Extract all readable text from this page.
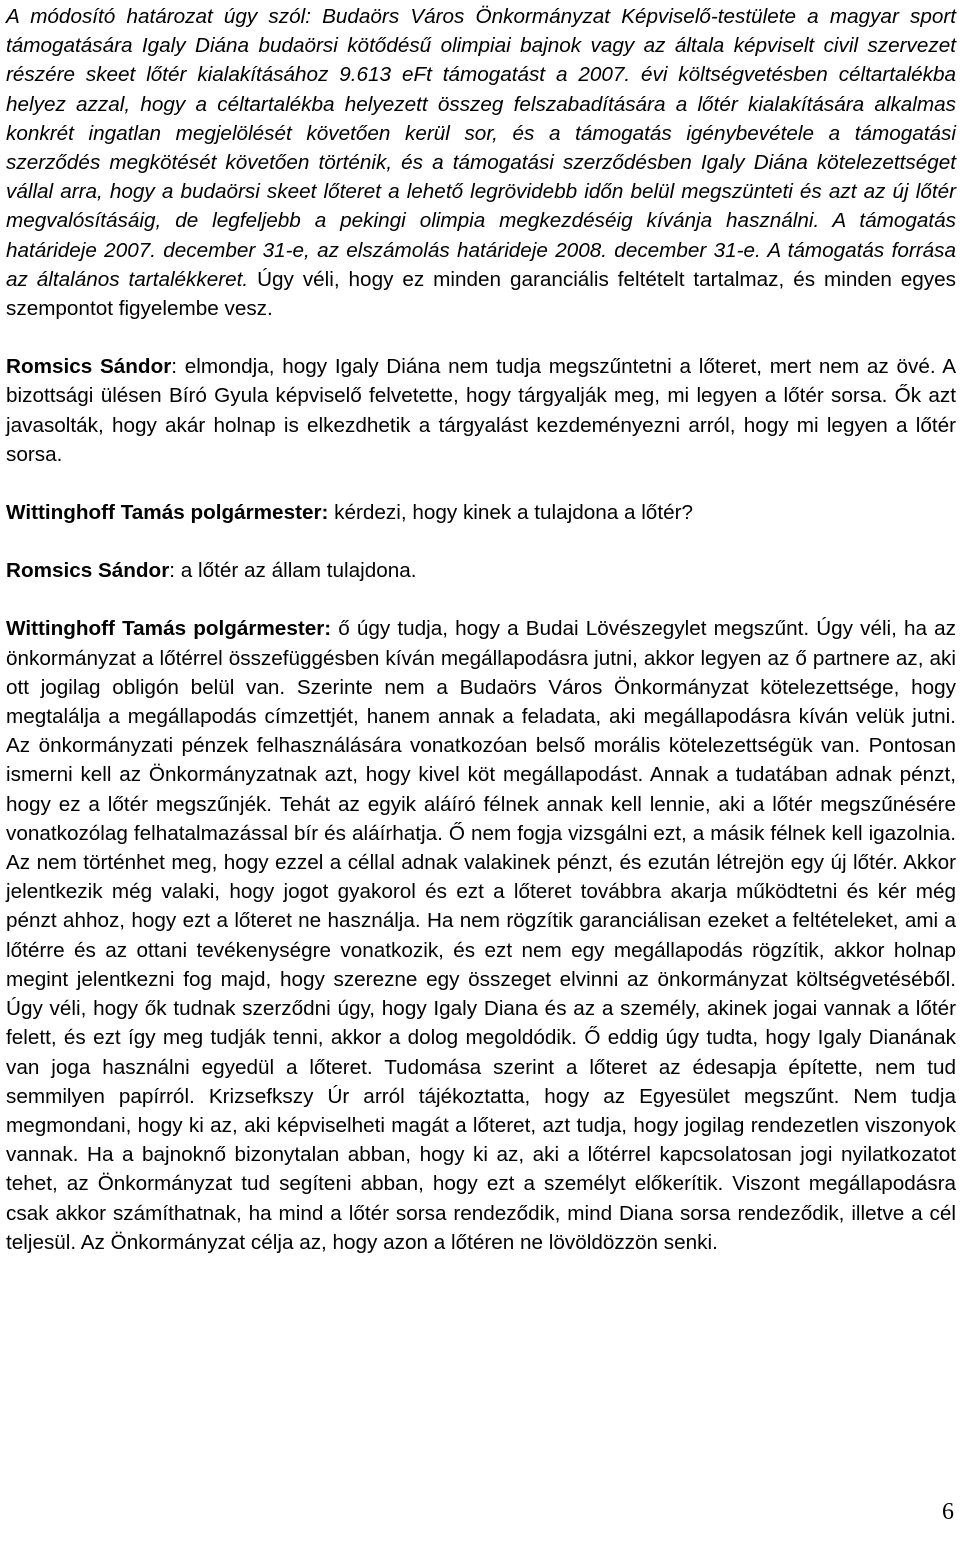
A módosító határozat úgy szól: Budaörs Város Önkormányzat Képviselő-testülete a magyar sport támogatására Igaly Diána budaörsi kötődésű olimpiai bajnok vagy az általa képviselt civil szervezet részére skeet lőtér kialakításához 9.613 eFt támogatást a 2007. évi költségvetésben céltartalékba helyez azzal, hogy a céltartalékba helyezett összeg felszabadítására a lőtér kialakítására alkalmas konkrét ingatlan megjelölését követően kerül sor, és a támogatás igénybevétele a támogatási szerződés megkötését követően történik, és a támogatási szerződésben Igaly Diána kötelezettséget vállal arra, hogy a budaörsi skeet lőteret a lehető legrövidebb időn belül megszünteti és azt az új lőtér megvalósításáig, de legfeljebb a pekingi olimpia megkezdéséig kívánja használni. A támogatás határideje 2007. december 31-e, az elszámolás határideje 2008. december 31-e. A támogatás forrása az általános tartalékkeret. Úgy véli, hogy ez minden garanciális feltételt tartalmaz, és minden egyes szempontot figyelembe vesz.

Romsics Sándor: elmondja, hogy Igaly Diána nem tudja megszűntetni a lőteret, mert nem az övé. A bizottsági ülésen Bíró Gyula képviselő felvetette, hogy tárgyalják meg, mi legyen a lőtér sorsa. Ők azt javasolták, hogy akár holnap is elkezdhetik a tárgyalást kezdeményezni arról, hogy mi legyen a lőtér sorsa.

Wittinghoff Tamás polgármester: kérdezi, hogy kinek a tulajdona a lőtér?

Romsics Sándor: a lőtér az állam tulajdona.

Wittinghoff Tamás polgármester: ő úgy tudja, hogy a Budai Lövészegylet megszűnt. Úgy véli, ha az önkormányzat a lőtérrel összefüggésben kíván megállapodásra jutni, akkor legyen az ő partnere az, aki ott jogilag obligón belül van. Szerinte nem a Budaörs Város Önkormányzat kötelezettsége, hogy megtalálja a megállapodás címzettjét, hanem annak a feladata, aki megállapodásra kíván velük jutni. Az önkormányzati pénzek felhasználására vonatkozóan belső morális kötelezettségük van. Pontosan ismerni kell az Önkormányzatnak azt, hogy kivel köt megállapodást. Annak a tudatában adnak pénzt, hogy ez a lőtér megszűnjék. Tehát az egyik aláíró félnek annak kell lennie, aki a lőtér megszűnésére vonatkozólag felhatalmazással bír és aláírhatja. Ő nem fogja vizsgálni ezt, a másik félnek kell igazolnia. Az nem történhet meg, hogy ezzel a céllal adnak valakinek pénzt, és ezután létrejön egy új lőtér. Akkor jelentkezik még valaki, hogy jogot gyakorol és ezt a lőteret továbbra akarja működtetni és kér még pénzt ahhoz, hogy ezt a lőteret ne használja. Ha nem rögzítik garanciálisan ezeket a feltételeket, ami a lőtérre és az ottani tevékenységre vonatkozik, és ezt nem egy megállapodás rögzítik, akkor holnap megint jelentkezni fog majd, hogy szerezne egy összeget elvinni az önkormányzat költségvetéséből. Úgy véli, hogy ők tudnak szerződni úgy, hogy Igaly Diana és az a személy, akinek jogai vannak a lőtér felett, és ezt így meg tudják tenni, akkor a dolog megoldódik. Ő eddig úgy tudta, hogy Igaly Dianának van joga használni egyedül a lőteret. Tudomása szerint a lőteret az édesapja építette, nem tud semmilyen papírról. Krizsefkszy Úr arról tájékoztatta, hogy az Egyesület megszűnt. Nem tudja megmondani, hogy ki az, aki képviselheti magát a lőteret, azt tudja, hogy jogilag rendezetlen viszonyok vannak. Ha a bajnoknő bizonytalan abban, hogy ki az, aki a lőtérrel kapcsolatosan jogi nyilatkozatot tehet, az Önkormányzat tud segíteni abban, hogy ezt a személyt előkerítik. Viszont megállapodásra csak akkor számíthatnak, ha mind a lőtér sorsa rendeződik, mind Diana sorsa rendeződik, illetve a cél teljesül. Az Önkormányzat célja az, hogy azon a lőtéren ne lövöldözzön senki.

6
